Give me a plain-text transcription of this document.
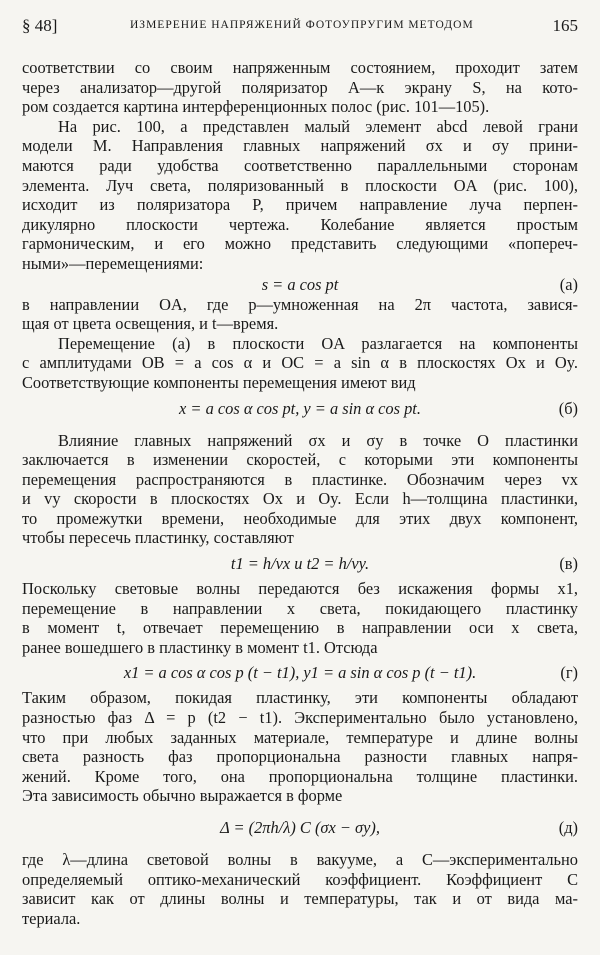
§ 48]	ИЗМЕРЕНИЕ НАПРЯЖЕНИЙ ФОТОУПРУГИМ МЕТОДОМ	165
соответствии со своим напряженным состоянием, проходит затем
через анализатор—другой поляризатор A—к экрану S, на кото-
ром создается картина интерференционных полос (рис. 101—105).
На рис. 100, a представлен малый элемент abcd левой грани
модели M. Направления главных напряжений σx и σy прини-
маются ради удобства соответственно параллельными сторонам
элемента. Луч света, поляризованный в плоскости OA (рис. 100),
исходит из поляризатора P, причем направление луча перпен-
дикулярно плоскости чертежа. Колебание является простым
гармоническим, и его можно представить следующими «попереч-
ными»—перемещениями:
s = a cos pt	(а)
в направлении OA, где p—умноженная на 2π частота, завися-
щая от цвета освещения, и t—время.
Перемещение (а) в плоскости OA разлагается на компоненты
с амплитудами OB = a cos α и OC = a sin α в плоскостях Ox и Oy.
Соответствующие компоненты перемещения имеют вид
x = a cos α cos pt, y = a sin α cos pt.	(б)
Влияние главных напряжений σx и σy в точке O пластинки
заключается в изменении скоростей, с которыми эти компоненты
перемещения распространяются в пластинке. Обозначим через vx
и vy скорости в плоскостях Ox и Oy. Если h—толщина пластинки,
то промежутки времени, необходимые для этих двух компонент,
чтобы пересечь пластинку, составляют
t1 = h/vx и t2 = h/vy.	(в)
Поскольку световые волны передаются без искажения формы x1,
перемещение в направлении x света, покидающего пластинку
в момент t, отвечает перемещению в направлении оси x света,
ранее вошедшего в пластинку в момент t1. Отсюда
x1 = a cos α cos p (t − t1), y1 = a sin α cos p (t − t1).	(г)
Таким образом, покидая пластинку, эти компоненты обладают
разностью фаз Δ = p (t2 − t1). Экспериментально было установлено,
что при любых заданных материале, температуре и длине волны
света разность фаз пропорциональна разности главных напря-
жений. Кроме того, она пропорциональна толщине пластинки.
Эта зависимость обычно выражается в форме
Δ = (2πh/λ) C (σx − σy),	(д)
где λ—длина световой волны в вакууме, а C—экспериментально
определяемый оптико-механический коэффициент. Коэффициент C
зависит как от длины волны и температуры, так и от вида ма-
териала.
